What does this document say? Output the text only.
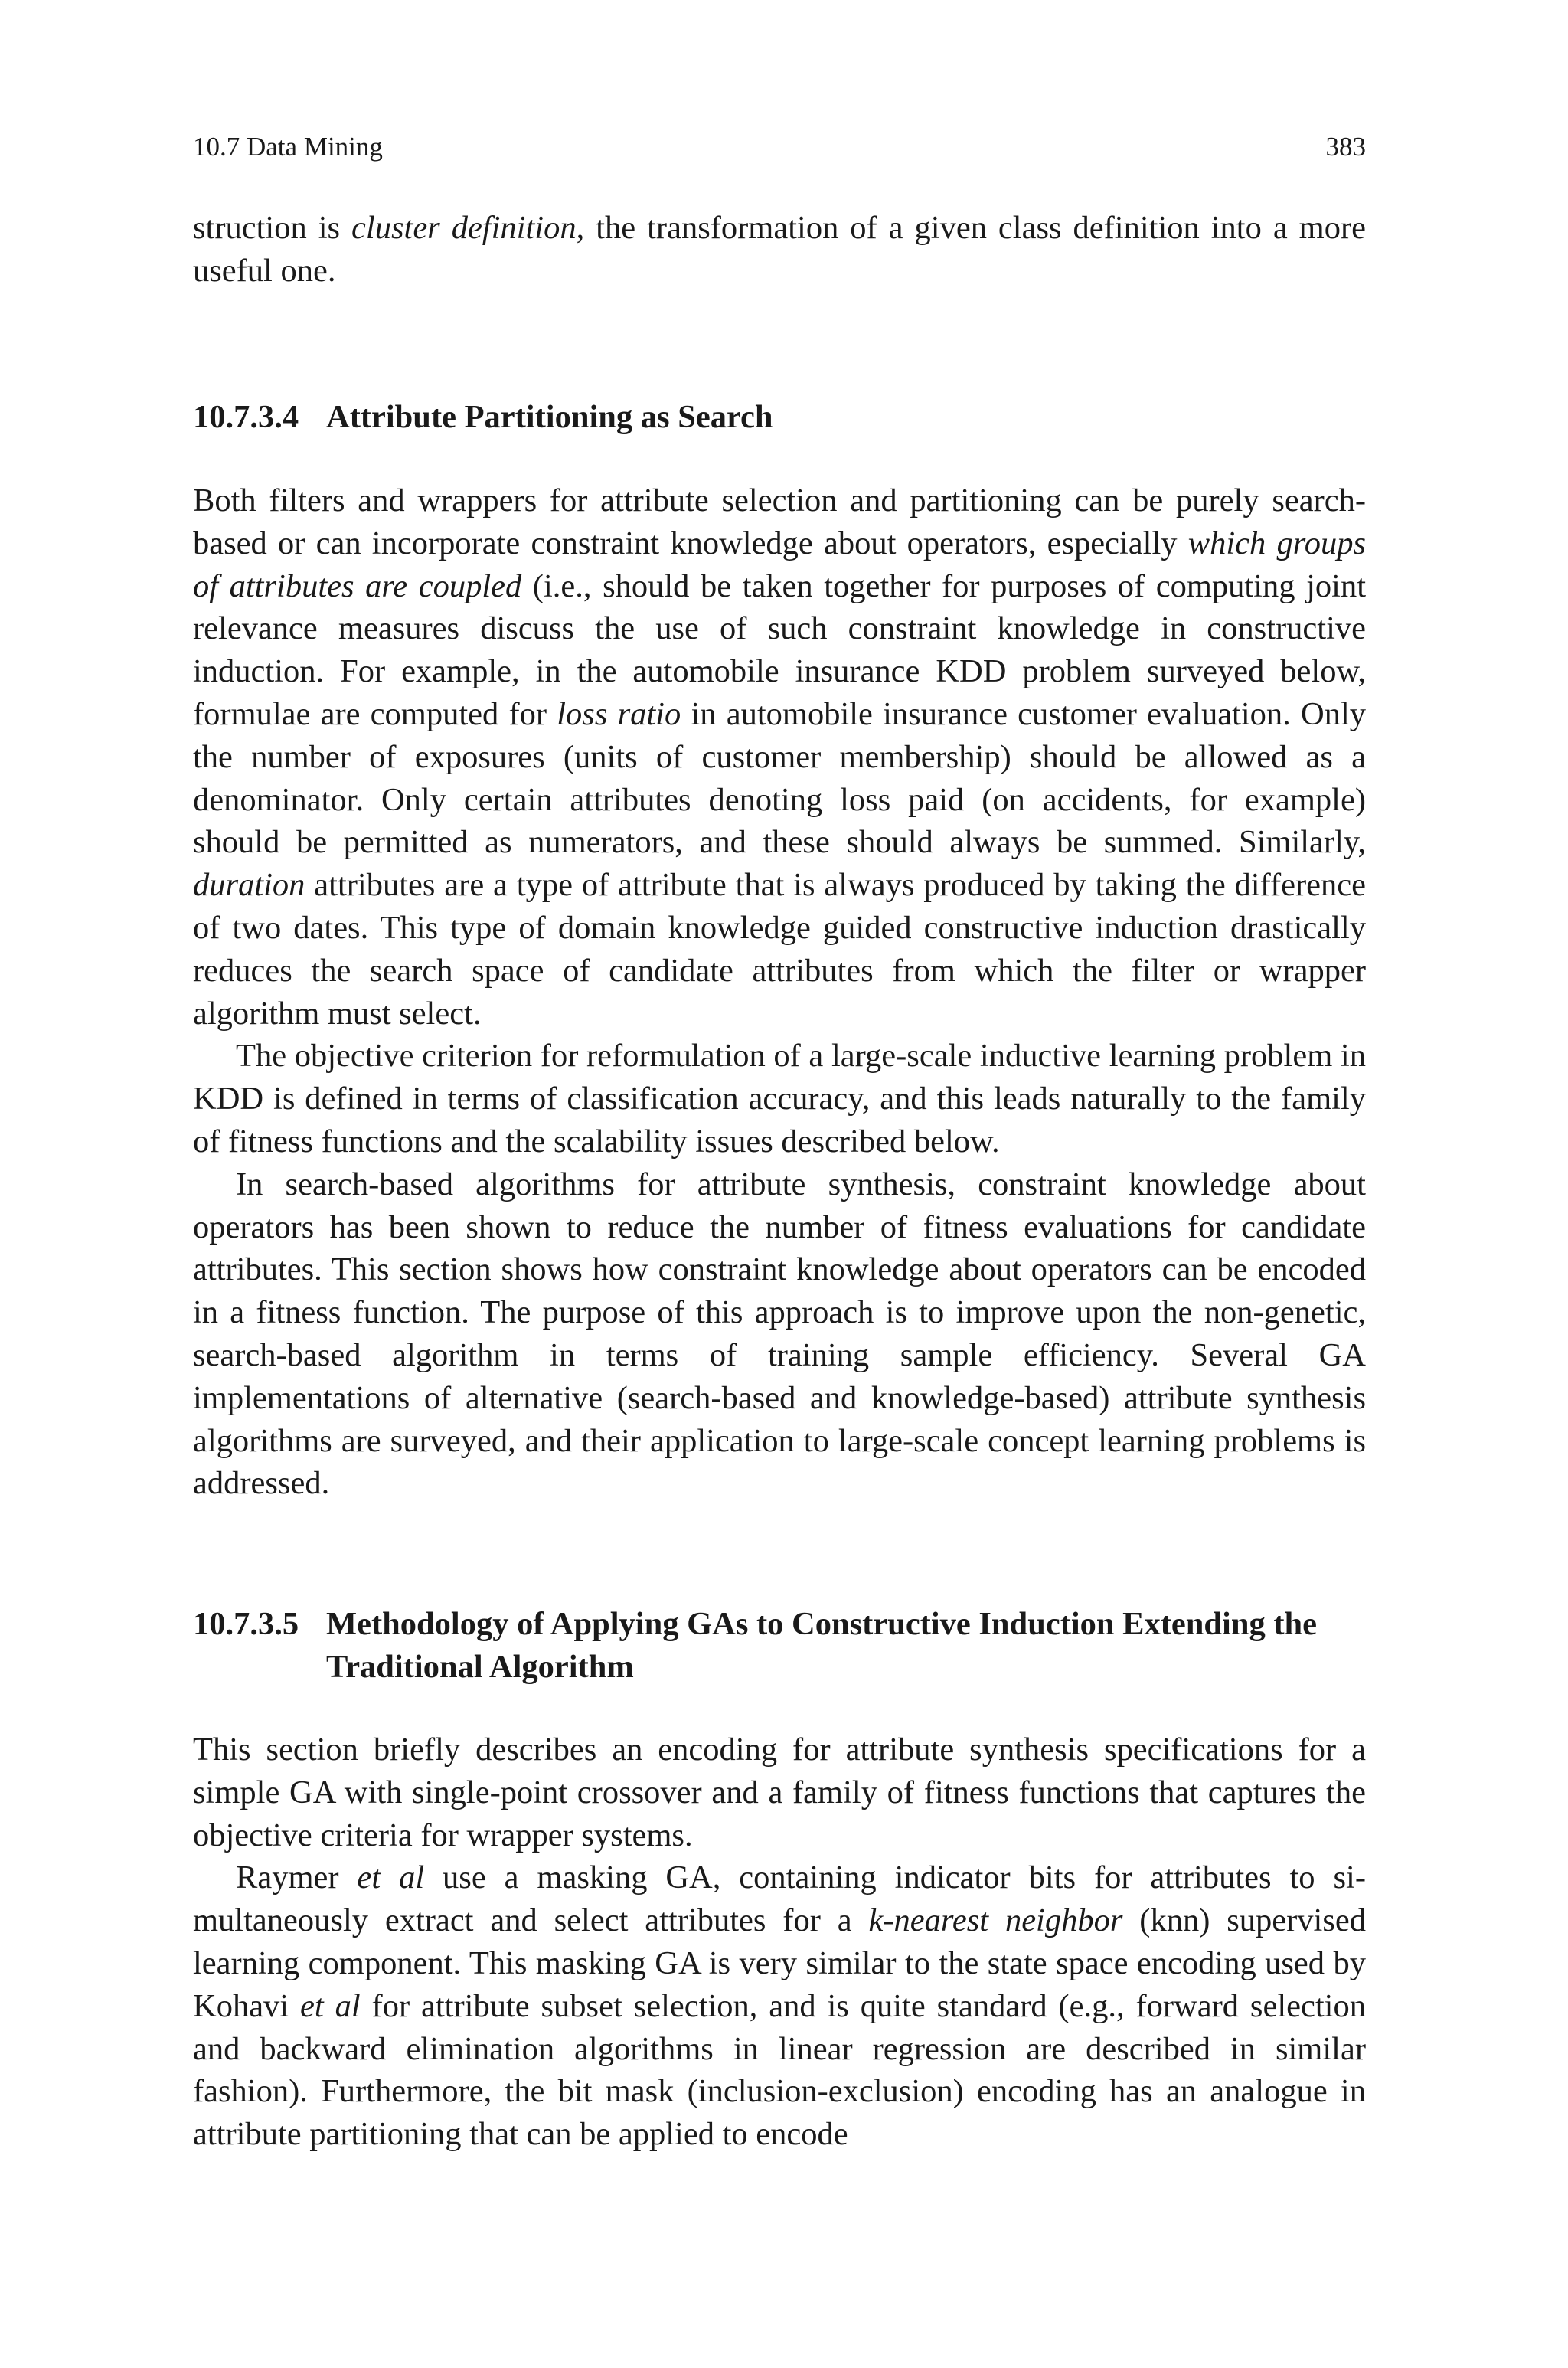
10.7 Data Mining	383

struction is cluster definition, the transformation of a given class definition into a more useful one.

10.7.3.4 Attribute Partitioning as Search

Both filters and wrappers for attribute selection and partitioning can be purely search-based or can incorporate constraint knowledge about operators, especially which groups of attributes are coupled (i.e., should be taken together for purposes of computing joint relevance measures discuss the use of such constraint knowledge in constructive induction. For example, in the automobile insurance KDD problem surveyed below, formulae are computed for loss ratio in automobile insurance customer evaluation. Only the number of exposures (units of customer membership) should be allowed as a denominator. Only certain attributes denoting loss paid (on accidents, for example) should be permitted as numerators, and these should always be summed. Similarly, duration attributes are a type of attribute that is always produced by taking the difference of two dates. This type of domain knowledge guided constructive induction drastically reduces the search space of candidate attributes from which the filter or wrapper algorithm must select.

The objective criterion for reformulation of a large-scale inductive learning problem in KDD is defined in terms of classification accuracy, and this leads naturally to the family of fitness functions and the scalability issues described below.

In search-based algorithms for attribute synthesis, constraint knowledge about operators has been shown to reduce the number of fitness evaluations for candidate attributes. This section shows how constraint knowledge about operators can be encoded in a fitness function. The purpose of this approach is to improve upon the non-genetic, search-based algorithm in terms of training sample efficiency. Several GA implementations of alternative (search-based and knowledge-based) attribute synthesis algorithms are surveyed, and their application to large-scale concept learning problems is addressed.

10.7.3.5 Methodology of Applying GAs to Constructive Induction Extending the Traditional Algorithm

This section briefly describes an encoding for attribute synthesis specifications for a simple GA with single-point crossover and a family of fitness functions that captures the objective criteria for wrapper systems.

Raymer et al use a masking GA, containing indicator bits for attributes to simultaneously extract and select attributes for a k-nearest neighbor (knn) supervised learning component. This masking GA is very similar to the state space encoding used by Kohavi et al for attribute subset selection, and is quite standard (e.g., forward selection and backward elimination algorithms in linear regression are described in similar fashion). Furthermore, the bit mask (inclusion-exclusion) encoding has an analogue in attribute partitioning that can be applied to encode
